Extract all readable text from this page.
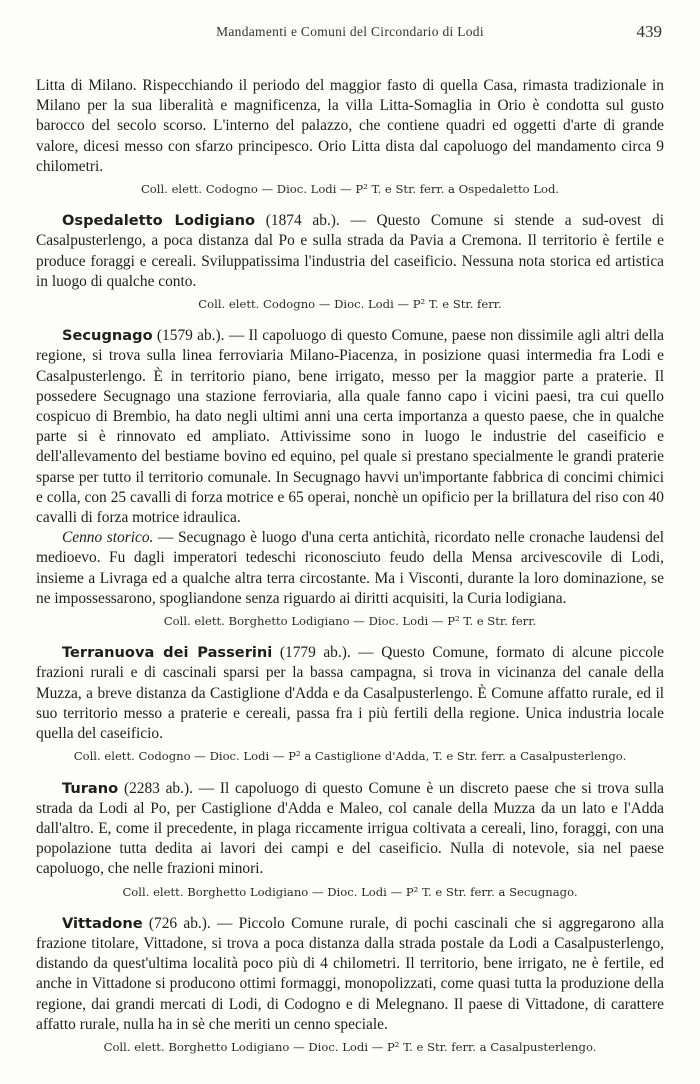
Mandamenti e Comuni del Circondario di Lodi	439

Litta di Milano. Rispecchiando il periodo del maggior fasto di quella Casa, rimasta tradizionale in Milano per la sua liberalità e magnificenza, la villa Litta-Somaglia in Orio è condotta sul gusto barocco del secolo scorso. L'interno del palazzo, che contiene quadri ed oggetti d'arte di grande valore, dicesi messo con sfarzo principesco. Orio Litta dista dal capoluogo del mandamento circa 9 chilometri.

Coll. elett. Codogno — Dioc. Lodi — P² T. e Str. ferr. a Ospedaletto Lod.

Ospedaletto Lodigiano (1874 ab.). — Questo Comune si stende a sud-ovest di Casalpusterlengo, a poca distanza dal Po e sulla strada da Pavia a Cremona. Il territorio è fertile e produce foraggi e cereali. Sviluppatissima l'industria del caseificio. Nessuna nota storica ed artistica in luogo di qualche conto.

Coll. elett. Codogno — Dioc. Lodi — P² T. e Str. ferr.

Secugnago (1579 ab.). — Il capoluogo di questo Comune, paese non dissimile agli altri della regione, si trova sulla linea ferroviaria Milano-Piacenza, in posizione quasi intermedia fra Lodi e Casalpusterlengo. È in territorio piano, bene irrigato, messo per la maggior parte a praterie. Il possedere Secugnago una stazione ferroviaria, alla quale fanno capo i vicini paesi, tra cui quello cospicuo di Brembio, ha dato negli ultimi anni una certa importanza a questo paese, che in qualche parte si è rinnovato ed ampliato. Attivissime sono in luogo le industrie del caseificio e dell'allevamento del bestiame bovino ed equino, pel quale si prestano specialmente le grandi praterie sparse per tutto il territorio comunale. In Secugnago havvi un'importante fabbrica di concimi chimici e colla, con 25 cavalli di forza motrice e 65 operai, nonchè un opificio per la brillatura del riso con 40 cavalli di forza motrice idraulica.

Cenno storico. — Secugnago è luogo d'una certa antichità, ricordato nelle cronache laudensi del medioevo. Fu dagli imperatori tedeschi riconosciuto feudo della Mensa arcivescovile di Lodi, insieme a Livraga ed a qualche altra terra circostante. Ma i Visconti, durante la loro dominazione, se ne impossessarono, spogliandone senza riguardo ai diritti acquisiti, la Curia lodigiana.

Coll. elett. Borghetto Lodigiano — Dioc. Lodi — P² T. e Str. ferr.

Terranuova dei Passerini (1779 ab.). — Questo Comune, formato di alcune piccole frazioni rurali e di cascinali sparsi per la bassa campagna, si trova in vicinanza del canale della Muzza, a breve distanza da Castiglione d'Adda e da Casalpusterlengo. È Comune affatto rurale, ed il suo territorio messo a praterie e cereali, passa fra i più fertili della regione. Unica industria locale quella del caseificio.

Coll. elett. Codogno — Dioc. Lodi — P² a Castiglione d'Adda, T. e Str. ferr. a Casalpusterlengo.

Turano (2283 ab.). — Il capoluogo di questo Comune è un discreto paese che si trova sulla strada da Lodi al Po, per Castiglione d'Adda e Maleo, col canale della Muzza da un lato e l'Adda dall'altro. E, come il precedente, in plaga riccamente irrigua coltivata a cereali, lino, foraggi, con una popolazione tutta dedita ai lavori dei campi e del caseificio. Nulla di notevole, sia nel paese capoluogo, che nelle frazioni minori.

Coll. elett. Borghetto Lodigiano — Dioc. Lodi — P² T. e Str. ferr. a Secugnago.

Vittadone (726 ab.). — Piccolo Comune rurale, di pochi cascinali che si aggregarono alla frazione titolare, Vittadone, si trova a poca distanza dalla strada postale da Lodi a Casalpusterlengo, distando da quest'ultima località poco più di 4 chilometri. Il territorio, bene irrigato, ne è fertile, ed anche in Vittadone si producono ottimi formaggi, monopolizzati, come quasi tutta la produzione della regione, dai grandi mercati di Lodi, di Codogno e di Melegnano. Il paese di Vittadone, di carattere affatto rurale, nulla ha in sè che meriti un cenno speciale.

Coll. elett. Borghetto Lodigiano — Dioc. Lodi — P² T. e Str. ferr. a Casalpusterlengo.
